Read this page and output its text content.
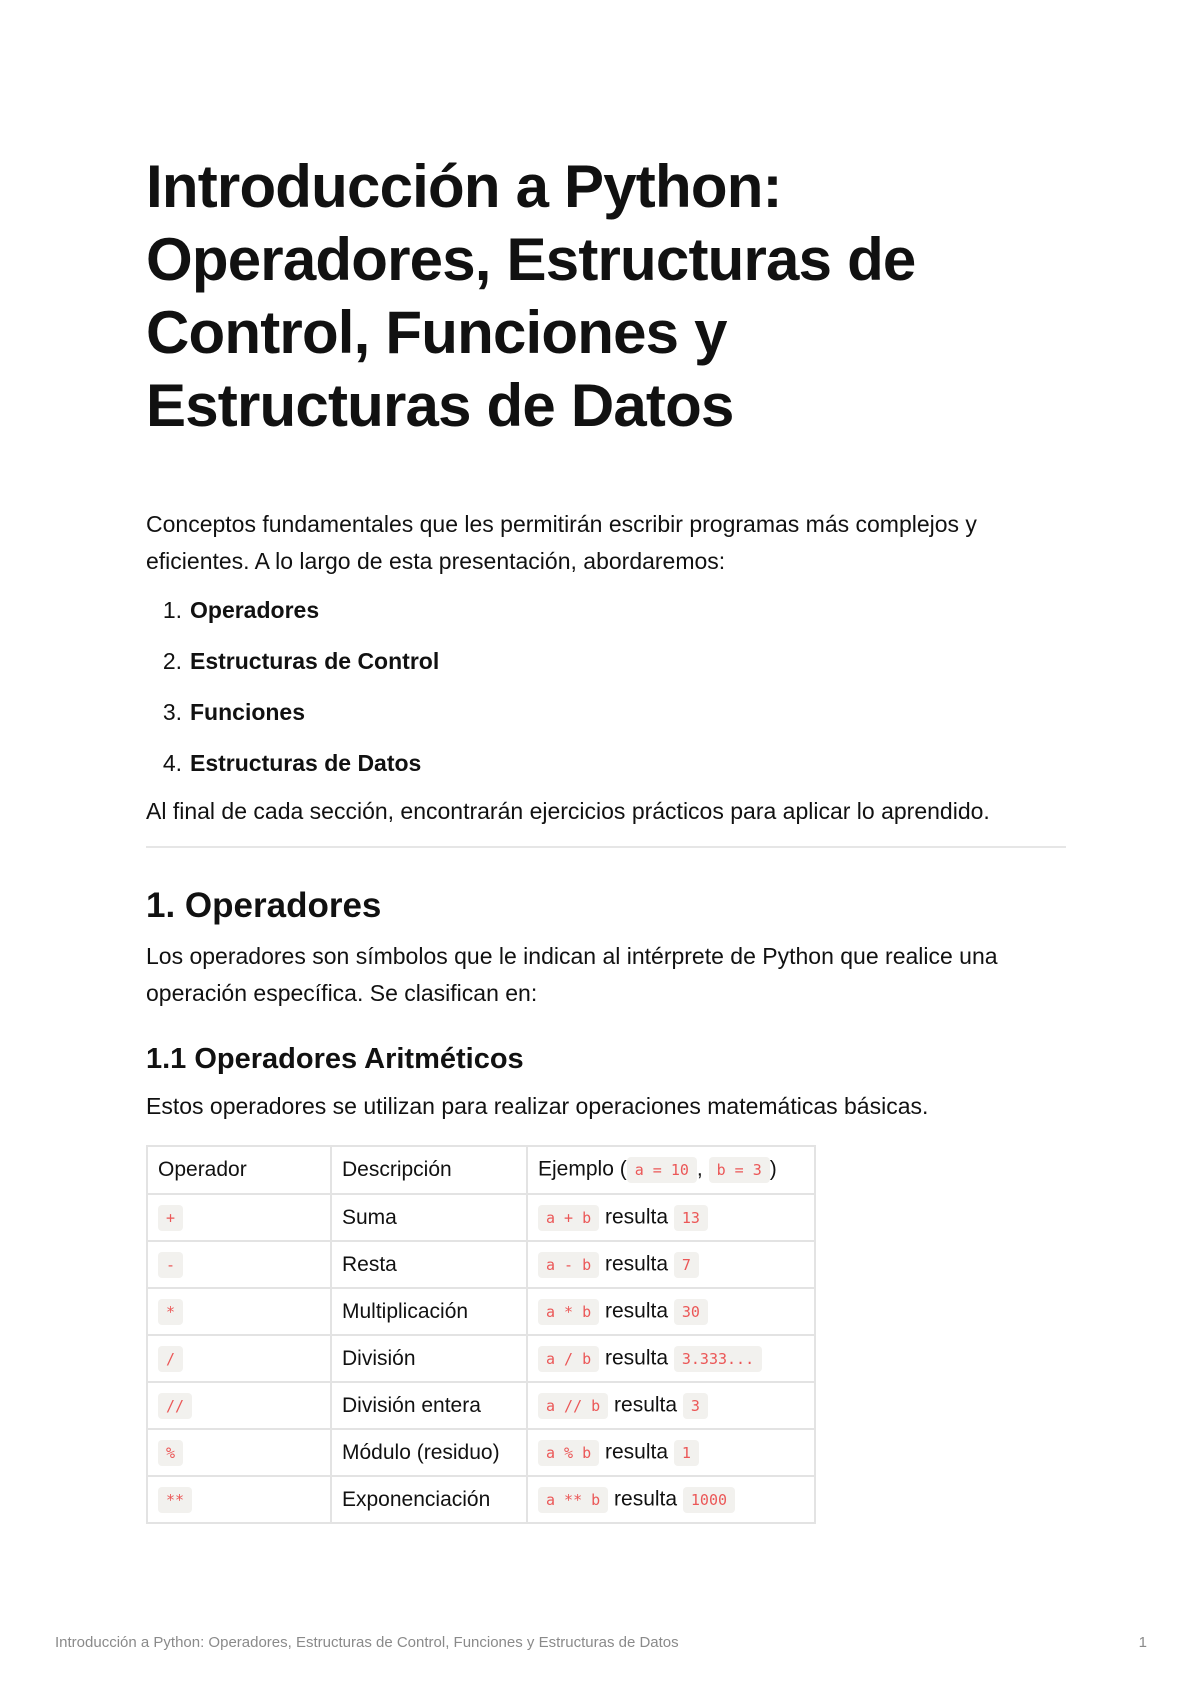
Introducción a Python: Operadores, Estructuras de Control, Funciones y Estructuras de Datos

Conceptos fundamentales que les permitirán escribir programas más complejos y eficientes. A lo largo de esta presentación, abordaremos:

1. Operadores
2. Estructuras de Control
3. Funciones
4. Estructuras de Datos

Al final de cada sección, encontrarán ejercicios prácticos para aplicar lo aprendido.

1. Operadores

Los operadores son símbolos que le indican al intérprete de Python que realice una operación específica. Se clasifican en:

1.1 Operadores Aritméticos

Estos operadores se utilizan para realizar operaciones matemáticas básicas.

Operador	Descripción	Ejemplo ( a = 10 , b = 3 )
+	Suma	a + b resulta 13
-	Resta	a - b resulta 7
*	Multiplicación	a * b resulta 30
/	División	a / b resulta 3.333...
//	División entera	a // b resulta 3
%	Módulo (residuo)	a % b resulta 1
**	Exponenciación	a ** b resulta 1000
Introducción a Python: Operadores, Estructuras de Control, Funciones y Estructuras de Datos	1
